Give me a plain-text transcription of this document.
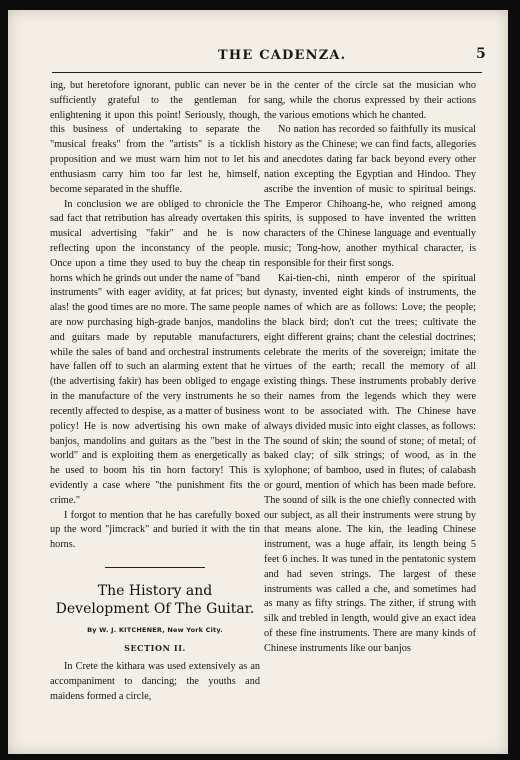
THE CADENZA.	5

ing, but heretofore ignorant, public can never be sufficiently grateful to the gentleman for enlightening it upon this point! Seriously, though, this business of undertaking to separate the "musical freaks" from the "artists" is a ticklish proposition and we must warn him not to let his enthusiasm carry him too far lest he, himself, become separated in the shuffle.

In conclusion we are obliged to chronicle the sad fact that retribution has already overtaken this musical advertising "fakir" and he is now reflecting upon the inconstancy of the people. Once upon a time they used to buy the cheap tin horns which he grinds out under the name of "band instruments" with eager avidity, at fat prices; but alas! the good times are no more. The same people are now purchasing high-grade banjos, mandolins and guitars made by reputable manufacturers, while the sales of band and orchestral instruments have fallen off to such an alarming extent that he (the advertising fakir) has been obliged to engage in the manufacture of the very instruments he so recently affected to despise, as a matter of business policy! He is now advertising his own make of banjos, mandolins and guitars as the "best in the world" and is exploiting them as energetically as he used to boom his tin horn factory! This is evidently a case where "the punishment fits the crime."

I forgot to mention that he has carefully boxed up the word "jimcrack" and buried it with the tin horns.

The History and Development Of The Guitar.
By W. J. KITCHENER, New York City.
SECTION II.

In Crete the kithara was used extensively as an accompaniment to dancing; the youths and maidens formed a circle,

in the center of the circle sat the musician who sang, while the chorus expressed by their actions the various emotions which he chanted.

No nation has recorded so faithfully its musical history as the Chinese; we can find facts, allegories and anecdotes dating far back beyond every other nation excepting the Egyptian and Hindoo. They ascribe the invention of music to spiritual beings. The Emperor Chihoang-he, who reigned among spirits, is supposed to have invented the written characters of the Chinese language and eventually music; Tong-how, another mythical character, is responsible for their first songs.

Kai-tien-chi, ninth emperor of the spiritual dynasty, invented eight kinds of instruments, the names of which are as follows: Love; the people; the black bird; don't cut the trees; cultivate the eight different grains; chant the celestial doctrines; celebrate the merits of the sovereign; imitate the virtues of the earth; recall the memory of all existing things. These instruments probably derive their names from the legends which they were wont to be associated with. The Chinese have always divided music into eight classes, as follows: The sound of skin; the sound of stone; of metal; of baked clay; of silk strings; of wood, as in the xylophone; of bamboo, used in flutes; of calabash or gourd, mention of which has been made before. The sound of silk is the one chiefly connected with our subject, as all their instruments were strung by that means alone. The kin, the leading Chinese instrument, was a huge affair, its length being 5 feet 6 inches. It was tuned in the pentatonic system and had seven strings. The largest of these instruments was called a che, and sometimes had as many as fifty strings. The zither, if strung with silk and trebled in length, would give an exact idea of these fine instruments. There are many kinds of Chinese instruments like our banjos
